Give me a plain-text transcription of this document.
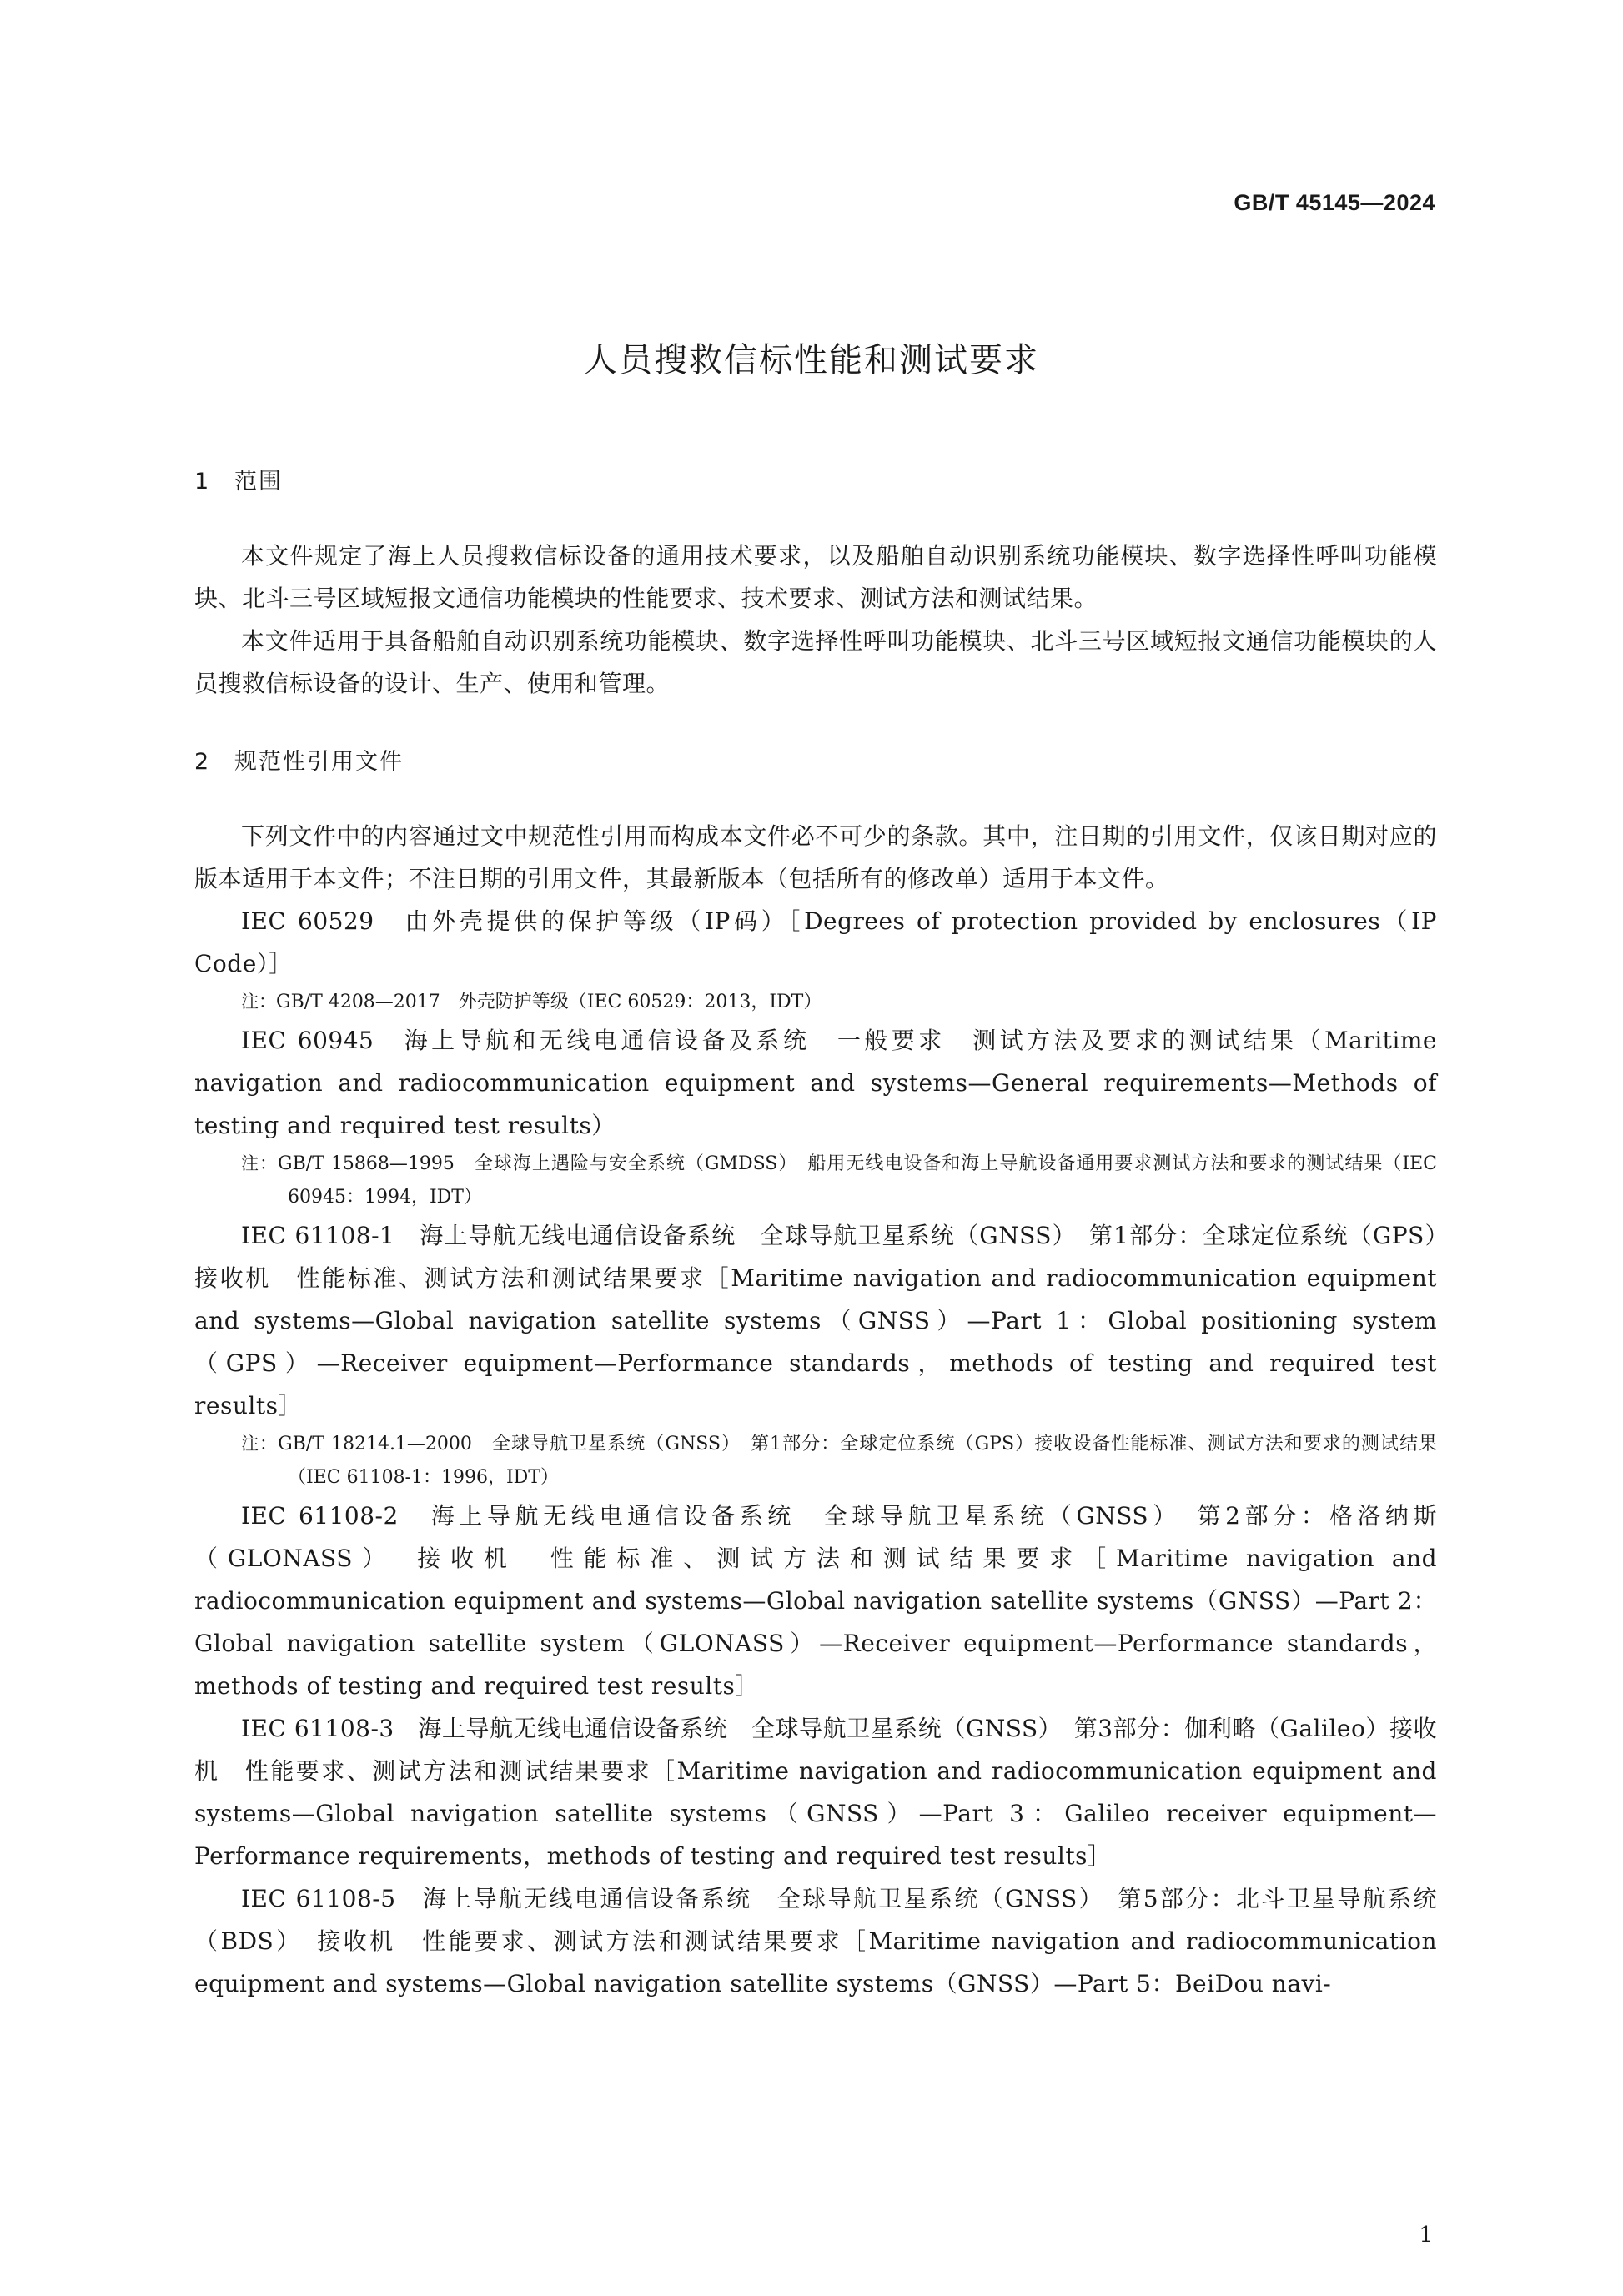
GB/T 45145—2024
人员搜救信标性能和测试要求
1 范围

本文件规定了海上人员搜救信标设备的通用技术要求，以及船舶自动识别系统功能模块、数字选择性呼叫功能模块、北斗三号区域短报文通信功能模块的性能要求、技术要求、测试方法和测试结果。

本文件适用于具备船舶自动识别系统功能模块、数字选择性呼叫功能模块、北斗三号区域短报文通信功能模块的人员搜救信标设备的设计、生产、使用和管理。

2 规范性引用文件

下列文件中的内容通过文中规范性引用而构成本文件必不可少的条款。其中，注日期的引用文件，仅该日期对应的版本适用于本文件；不注日期的引用文件，其最新版本（包括所有的修改单）适用于本文件。

IEC 60529　由外壳提供的保护等级（IP码）［Degrees of protection provided by enclosures（IP Code）］

注：GB/T 4208—2017　外壳防护等级（IEC 60529：2013，IDT）

IEC 60945　海上导航和无线电通信设备及系统　一般要求　测试方法及要求的测试结果（Maritime navigation and radiocommunication equipment and systems—General requirements—Methods of testing and required test results）

注：GB/T 15868—1995　全球海上遇险与安全系统（GMDSS）　船用无线电设备和海上导航设备通用要求测试方法和要求的测试结果（IEC 60945：1994，IDT）

IEC 61108-1　海上导航无线电通信设备系统　全球导航卫星系统（GNSS）　第1部分：全球定位系统（GPS）　接收机　性能标准、测试方法和测试结果要求［Maritime navigation and radiocommunication equipment and systems—Global navigation satellite systems（GNSS）—Part 1：Global positioning system（GPS）—Receiver equipment—Performance standards，methods of testing and required test results］

注：GB/T 18214.1—2000　全球导航卫星系统（GNSS）　第1部分：全球定位系统（GPS）接收设备性能标准、测试方法和要求的测试结果（IEC 61108-1：1996，IDT）

IEC 61108-2　海上导航无线电通信设备系统　全球导航卫星系统（GNSS）　第2部分：格洛纳斯（GLONASS）　接收机　性能标准、测试方法和测试结果要求［Maritime navigation and radiocommunication equipment and systems—Global navigation satellite systems（GNSS）—Part 2：Global navigation satellite system（GLONASS）—Receiver equipment—Performance standards，methods of testing and required test results］

IEC 61108-3　海上导航无线电通信设备系统　全球导航卫星系统（GNSS）　第3部分：伽利略（Galileo）接收机　性能要求、测试方法和测试结果要求［Maritime navigation and radiocommunication equipment and systems—Global navigation satellite systems（GNSS）—Part 3：Galileo receiver equipment—Performance requirements，methods of testing and required test results］

IEC 61108-5　海上导航无线电通信设备系统　全球导航卫星系统（GNSS）　第5部分：北斗卫星导航系统（BDS）　接收机　性能要求、测试方法和测试结果要求［Maritime navigation and radiocommunication equipment and systems—Global navigation satellite systems（GNSS）—Part 5：BeiDou navi-

1
